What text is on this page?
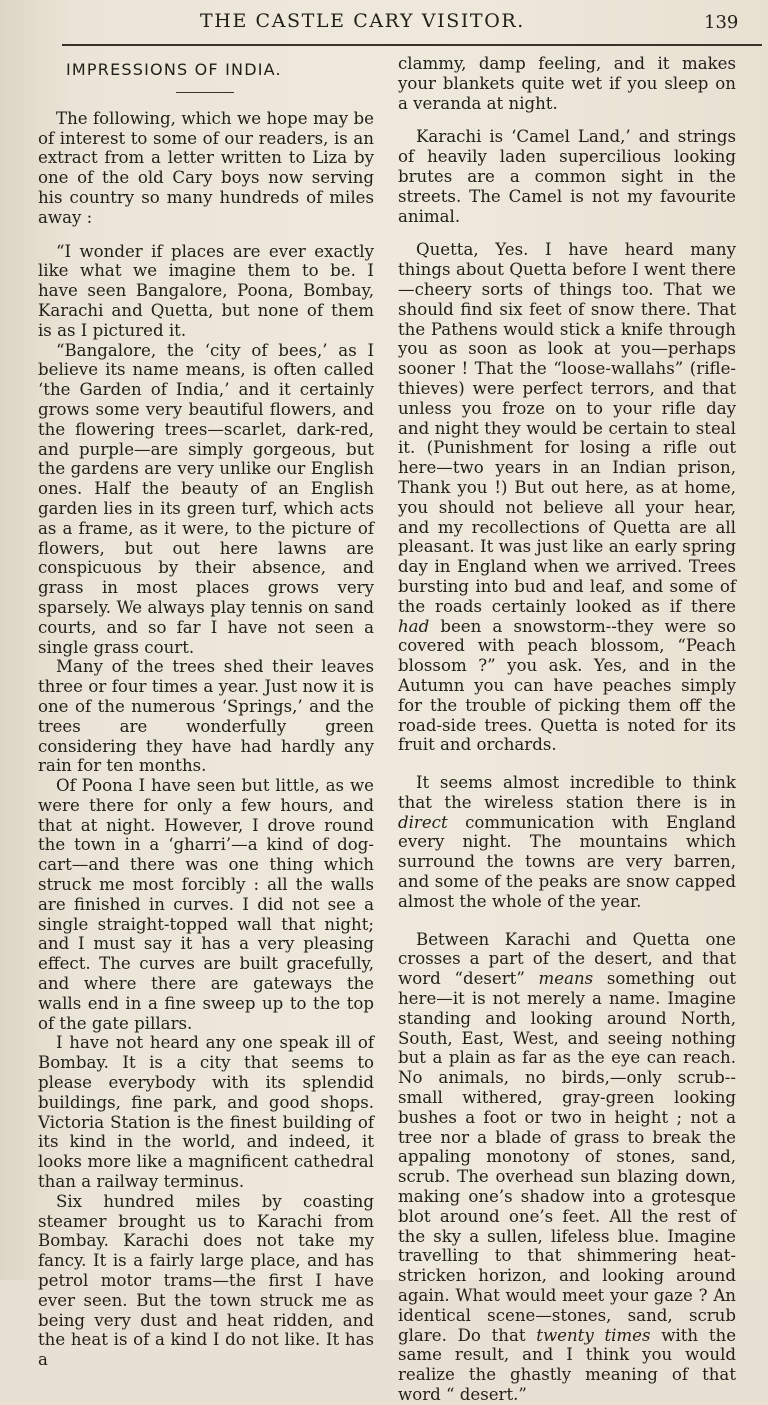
THE CASTLE CARY VISITOR.	139
IMPRESSIONS OF INDIA.

The following, which we hope may be of interest to some of our readers, is an extract from a letter written to Liza by one of the old Cary boys now serving his country so many hundreds of miles away :

“I wonder if places are ever exactly like what we imagine them to be. I have seen Bangalore, Poona, Bombay, Karachi and Quetta, but none of them is as I pictured it.

“Bangalore, the ‘city of bees,’ as I believe its name means, is often called ‘the Garden of India,’ and it certainly grows some very beautiful flowers, and the flowering trees—scarlet, dark-red, and purple—are simply gorgeous, but the gardens are very unlike our English ones. Half the beauty of an English garden lies in its green turf, which acts as a frame, as it were, to the picture of flowers, but out here lawns are conspicuous by their absence, and grass in most places grows very sparsely. We always play tennis on sand courts, and so far I have not seen a single grass court.

Many of the trees shed their leaves three or four times a year. Just now it is one of the numerous ‘Springs,’ and the trees are wonderfully green considering they have had hardly any rain for ten months.

Of Poona I have seen but little, as we were there for only a few hours, and that at night. However, I drove round the town in a ‘gharri’—a kind of dog-cart—and there was one thing which struck me most forcibly : all the walls are finished in curves. I did not see a single straight-topped wall that night; and I must say it has a very pleasing effect. The curves are built gracefully, and where there are gateways the walls end in a fine sweep up to the top of the gate pillars.

I have not heard any one speak ill of Bombay. It is a city that seems to please everybody with its splendid buildings, fine park, and good shops. Victoria Station is the finest building of its kind in the world, and indeed, it looks more like a magnificent cathedral than a railway terminus.

Six hundred miles by coasting steamer brought us to Karachi from Bombay. Karachi does not take my fancy. It is a fairly large place, and has petrol motor trams—the first I have ever seen. But the town struck me as being very dust and heat ridden, and the heat is of a kind I do not like. It has a

clammy, damp feeling, and it makes your blankets quite wet if you sleep on a veranda at night.

Karachi is ‘Camel Land,’ and strings of heavily laden supercilious looking brutes are a common sight in the streets. The Camel is not my favourite animal.

Quetta, Yes. I have heard many things about Quetta before I went there—cheery sorts of things too. That we should find six feet of snow there. That the Pathens would stick a knife through you as soon as look at you—perhaps sooner ! That the “loose-wallahs” (rifle-thieves) were perfect terrors, and that unless you froze on to your rifle day and night they would be certain to steal it. (Punishment for losing a rifle out here—two years in an Indian prison, Thank you !) But out here, as at home, you should not believe all your hear, and my recollections of Quetta are all pleasant. It was just like an early spring day in England when we arrived. Trees bursting into bud and leaf, and some of the roads certainly looked as if there had been a snowstorm--they were so covered with peach blossom, “Peach blossom ?” you ask. Yes, and in the Autumn you can have peaches simply for the trouble of picking them off the road-side trees. Quetta is noted for its fruit and orchards.

It seems almost incredible to think that the wireless station there is in direct communication with England every night. The mountains which surround the towns are very barren, and some of the peaks are snow capped almost the whole of the year.

Between Karachi and Quetta one crosses a part of the desert, and that word “desert” means something out here—it is not merely a name. Imagine standing and looking around North, South, East, West, and seeing nothing but a plain as far as the eye can reach. No animals, no birds,—only scrub--small withered, gray-green looking bushes a foot or two in height ; not a tree nor a blade of grass to break the appaling monotony of stones, sand, scrub. The overhead sun blazing down, making one’s shadow into a grotesque blot around one’s feet. All the rest of the sky a sullen, lifeless blue. Imagine travelling to that shimmering heat-stricken horizon, and looking around again. What would meet your gaze ? An identical scene—stones, sand, scrub glare. Do that twenty times with the same result, and I think you would realize the ghastly meaning of that word “ desert.”
